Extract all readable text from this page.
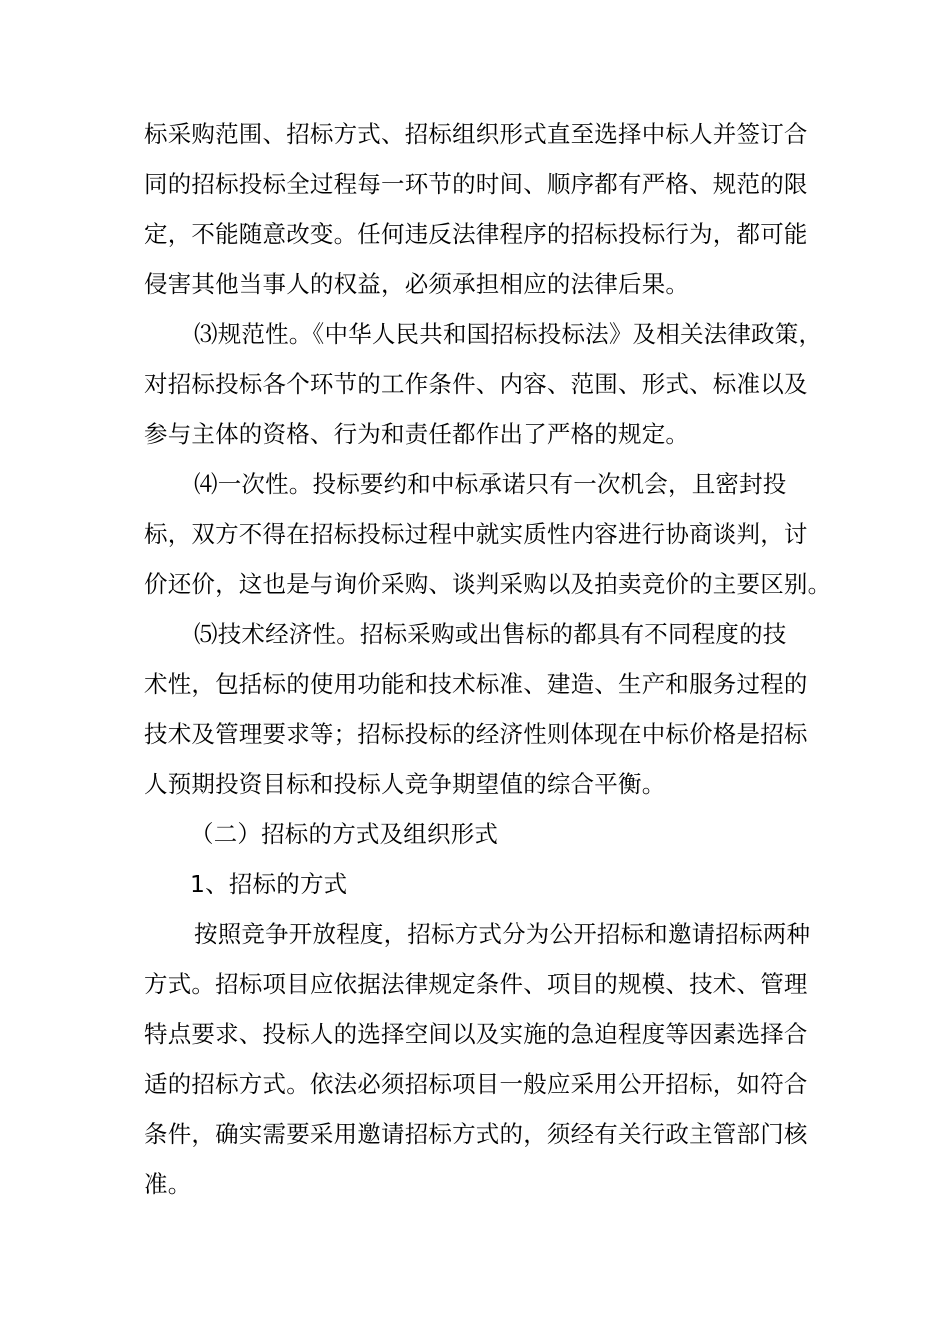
标采购范围、招标方式、招标组织形式直至选择中标人并签订合
同的招标投标全过程每一环节的时间、顺序都有严格、规范的限
定，不能随意改变。任何违反法律程序的招标投标行为，都可能
侵害其他当事人的权益，必须承担相应的法律后果。
⑶规范性。《中华人民共和国招标投标法》及相关法律政策，
对招标投标各个环节的工作条件、内容、范围、形式、标准以及
参与主体的资格、行为和责任都作出了严格的规定。
⑷一次性。投标要约和中标承诺只有一次机会，且密封投
标，双方不得在招标投标过程中就实质性内容进行协商谈判，讨
价还价，这也是与询价采购、谈判采购以及拍卖竞价的主要区别。
⑸技术经济性。招标采购或出售标的都具有不同程度的技
术性，包括标的使用功能和技术标准、建造、生产和服务过程的
技术及管理要求等；招标投标的经济性则体现在中标价格是招标
人预期投资目标和投标人竞争期望值的综合平衡。
（二）招标的方式及组织形式
1、招标的方式
按照竞争开放程度，招标方式分为公开招标和邀请招标两种
方式。招标项目应依据法律规定条件、项目的规模、技术、管理
特点要求、投标人的选择空间以及实施的急迫程度等因素选择合
适的招标方式。依法必须招标项目一般应采用公开招标，如符合
条件，确实需要采用邀请招标方式的，须经有关行政主管部门核
准。
